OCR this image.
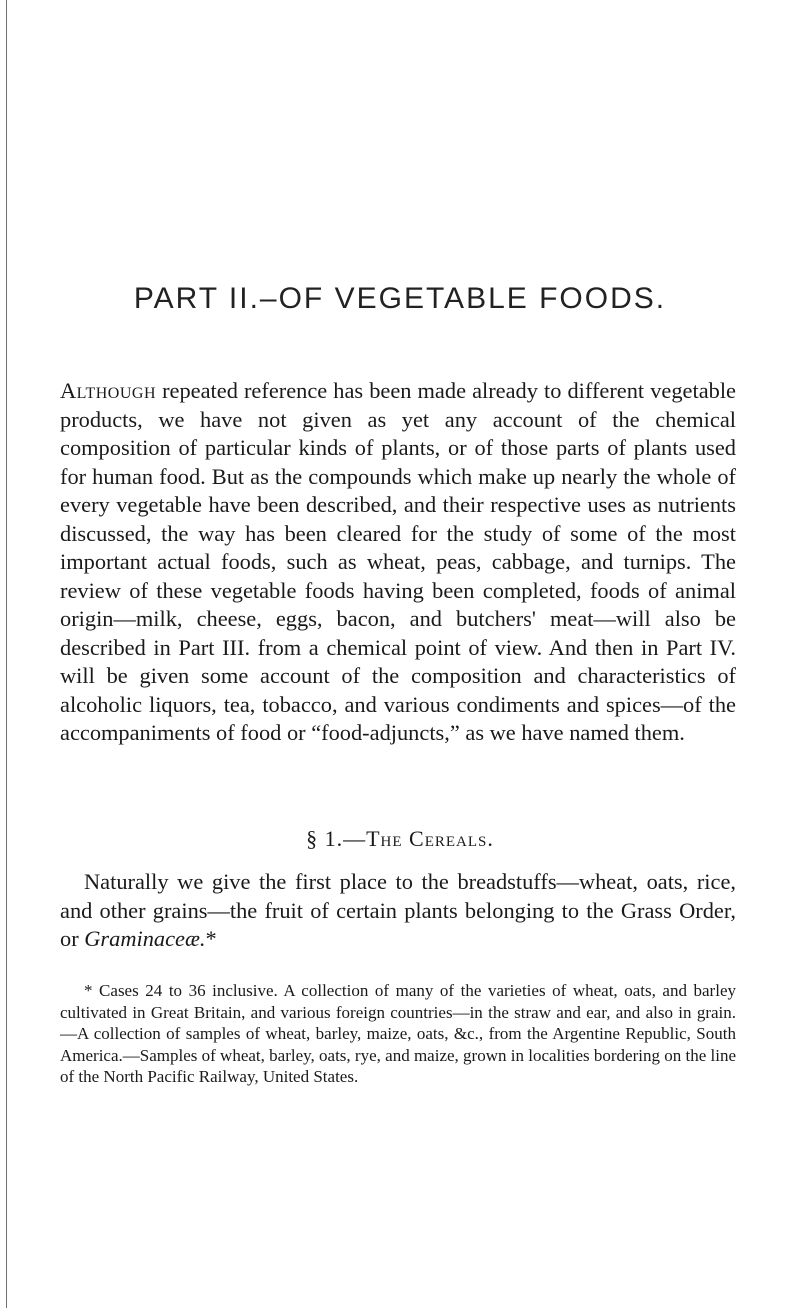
PART II.–OF VEGETABLE FOODS.

Although repeated reference has been made already to different vegetable products, we have not given as yet any account of the chemical composition of particular kinds of plants, or of those parts of plants used for human food. But as the compounds which make up nearly the whole of every vegetable have been described, and their respective uses as nutrients discussed, the way has been cleared for the study of some of the most important actual foods, such as wheat, peas, cabbage, and turnips. The review of these vegetable foods having been completed, foods of animal origin—milk, cheese, eggs, bacon, and butchers' meat—will also be described in Part III. from a chemical point of view. And then in Part IV. will be given some account of the composition and characteristics of alcoholic liquors, tea, tobacco, and various condiments and spices—of the accompaniments of food or “food-adjuncts,” as we have named them.

§ 1.—The Cereals.

Naturally we give the first place to the breadstuffs—wheat, oats, rice, and other grains—the fruit of certain plants belonging to the Grass Order, or Graminaceæ.*

* Cases 24 to 36 inclusive. A collection of many of the varieties of wheat, oats, and barley cultivated in Great Britain, and various foreign countries—in the straw and ear, and also in grain.—A collection of samples of wheat, barley, maize, oats, &c., from the Argentine Republic, South America.—Samples of wheat, barley, oats, rye, and maize, grown in localities bordering on the line of the North Pacific Railway, United States.
